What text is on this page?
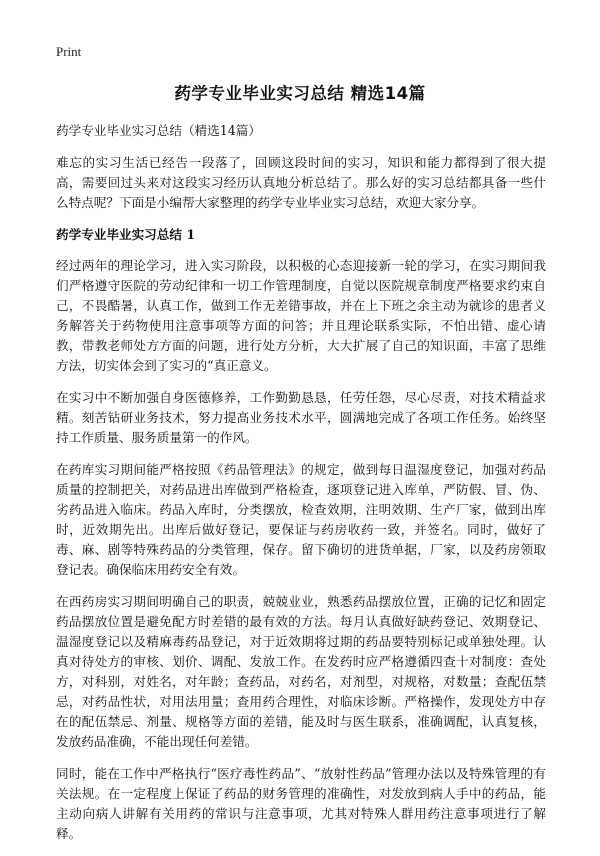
Print
药学专业毕业实习总结 精选14篇
药学专业毕业实习总结（精选14篇）

难忘的实习生活已经告一段落了，回顾这段时间的实习，知识和能力都得到了很大提高，需要回过头来对这段实习经历认真地分析总结了。那么好的实习总结都具备一些什么特点呢？下面是小编帮大家整理的药学专业毕业实习总结，欢迎大家分享。

药学专业毕业实习总结 1

经过两年的理论学习，进入实习阶段，以积极的心态迎接新一轮的学习，在实习期间我们严格遵守医院的劳动纪律和一切工作管理制度，自觉以医院规章制度严格要求约束自己，不畏酷暑，认真工作，做到工作无差错事故，并在上下班之余主动为就诊的患者义务解答关于药物使用注意事项等方面的问答；并且理论联系实际，不怕出错、虚心请教，带教老师处方方面的问题，进行处方分析，大大扩展了自己的知识面，丰富了思维方法，切实体会到了实习的“真正意义。

在实习中不断加强自身医德修养，工作勤勤恳恳，任劳任怨，尽心尽责，对技术精益求精。刻苦钻研业务技术，努力提高业务技术水平，圆满地完成了各项工作任务。始终坚持工作质量、服务质量第一的作风。

在药库实习期间能严格按照《药品管理法》的规定，做到每日温湿度登记，加强对药品质量的控制把关，对药品进出库做到严格检查，逐项登记进入库单，严防假、冒、伪、劣药品进入临床。药品入库时，分类摆放，检查效期，注明效期、生产厂家，做到出库时，近效期先出。出库后做好登记，要保证与药房收药一致，并签名。同时，做好了毒、麻、剧等特殊药品的分类管理，保存。留下确切的进货单据，厂家，以及药房领取登记表。确保临床用药安全有效。

在西药房实习期间明确自己的职责，兢兢业业，熟悉药品摆放位置，正确的记忆和固定药品摆放位置是避免配方时差错的最有效的方法。每月认真做好缺药登记、效期登记、温湿度登记以及精麻毒药品登记，对于近效期将过期的药品要特别标记或单独处理。认真对待处方的审核、划价、调配、发放工作。在发药时应严格遵循四查十对制度：查处方，对科别，对姓名，对年龄；查药品，对药名，对剂型，对规格，对数量；查配伍禁忌，对药品性状，对用法用量；查用药合理性，对临床诊断。严格操作，发现处方中存在的配伍禁忌、剂量、规格等方面的差错，能及时与医生联系，准确调配，认真复核，发放药品准确，不能出现任何差错。

同时，能在工作中严格执行“医疗毒性药品”、“放射性药品”管理办法以及特殊管理的有关法规。在一定程度上保证了药品的财务管理的准确性，对发放到病人手中的药品，能主动向病人讲解有关用药的常识与注意事项，尤其对特殊人群用药注意事项进行了解释。
